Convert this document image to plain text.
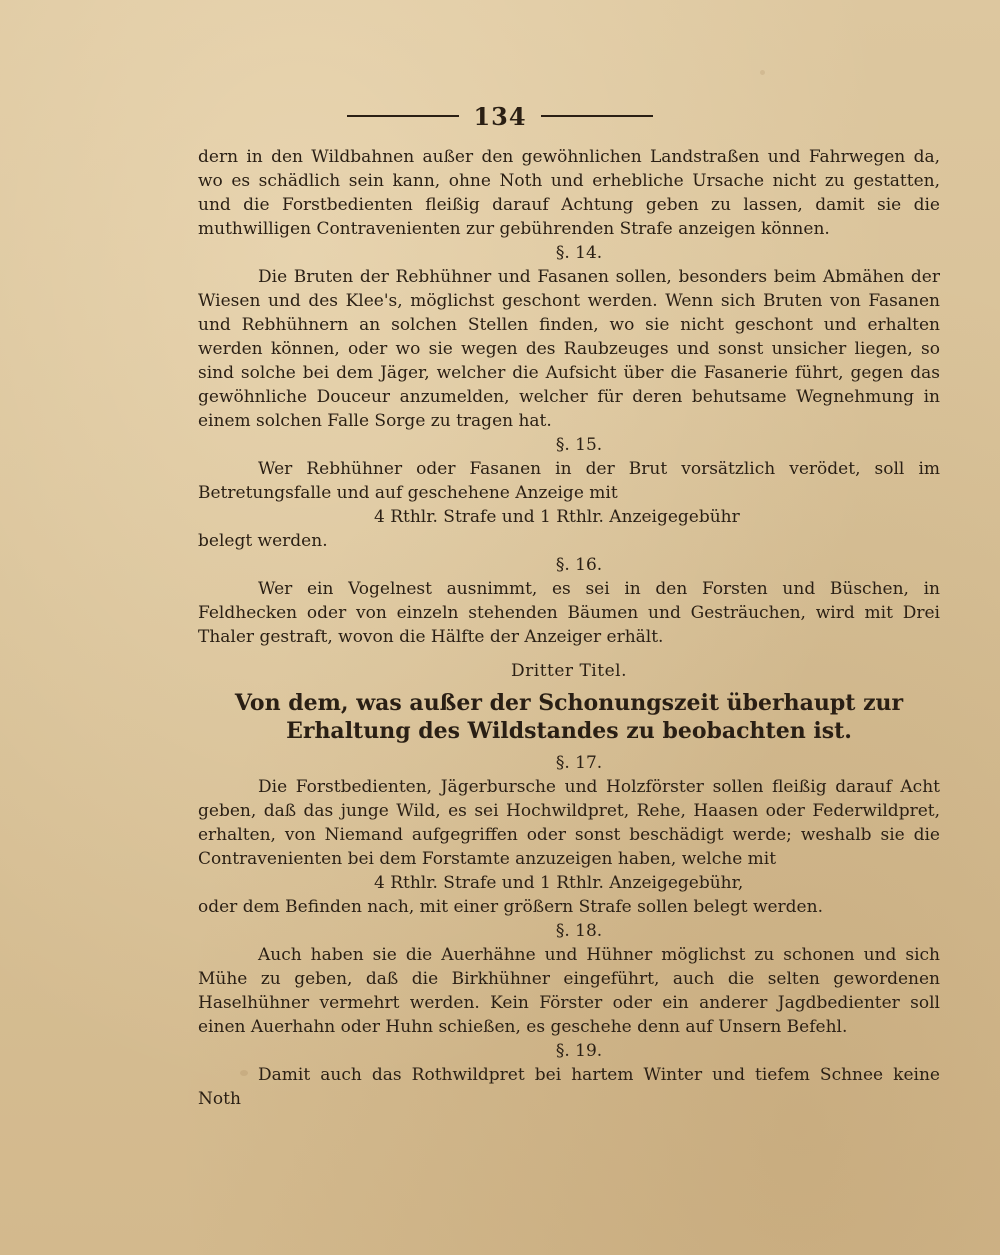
134

dern in den Wildbahnen außer den gewöhnlichen Landstraßen und Fahrwegen da, wo es schädlich sein kann, ohne Noth und erhebliche Ursache nicht zu gestatten, und die Forstbedienten fleißig darauf Achtung geben zu lassen, damit sie die muthwilligen Contravenienten zur gebührenden Strafe anzeigen können.

§. 14.

Die Bruten der Rebhühner und Fasanen sollen, besonders beim Abmähen der Wiesen und des Klee's, möglichst geschont werden. Wenn sich Bruten von Fasanen und Rebhühnern an solchen Stellen finden, wo sie nicht geschont und erhalten werden können, oder wo sie wegen des Raubzeuges und sonst unsicher liegen, so sind solche bei dem Jäger, welcher die Aufsicht über die Fasanerie führt, gegen das gewöhnliche Douceur anzumelden, welcher für deren behutsame Wegnehmung in einem solchen Falle Sorge zu tragen hat.

§. 15.

Wer Rebhühner oder Fasanen in der Brut vorsätzlich verödet, soll im Betretungsfalle und auf geschehene Anzeige mit

4 Rthlr. Strafe und 1 Rthlr. Anzeigegebühr

belegt werden.

§. 16.

Wer ein Vogelnest ausnimmt, es sei in den Forsten und Büschen, in Feldhecken oder von einzeln stehenden Bäumen und Gesträuchen, wird mit Drei Thaler gestraft, wovon die Hälfte der Anzeiger erhält.

Dritter Titel.

Von dem, was außer der Schonungszeit überhaupt zur Erhaltung des Wildstandes zu beobachten ist.

§. 17.

Die Forstbedienten, Jägerbursche und Holzförster sollen fleißig darauf Acht geben, daß das junge Wild, es sei Hochwildpret, Rehe, Haasen oder Federwildpret, erhalten, von Niemand aufgegriffen oder sonst beschädigt werde; weshalb sie die Contravenienten bei dem Forstamte anzuzeigen haben, welche mit

4 Rthlr. Strafe und 1 Rthlr. Anzeigegebühr,

oder dem Befinden nach, mit einer größern Strafe sollen belegt werden.

§. 18.

Auch haben sie die Auerhähne und Hühner möglichst zu schonen und sich Mühe zu geben, daß die Birkhühner eingeführt, auch die selten gewordenen Haselhühner vermehrt werden. Kein Förster oder ein anderer Jagdbedienter soll einen Auerhahn oder Huhn schießen, es geschehe denn auf Unsern Befehl.

§. 19.

Damit auch das Rothwildpret bei hartem Winter und tiefem Schnee keine Noth
